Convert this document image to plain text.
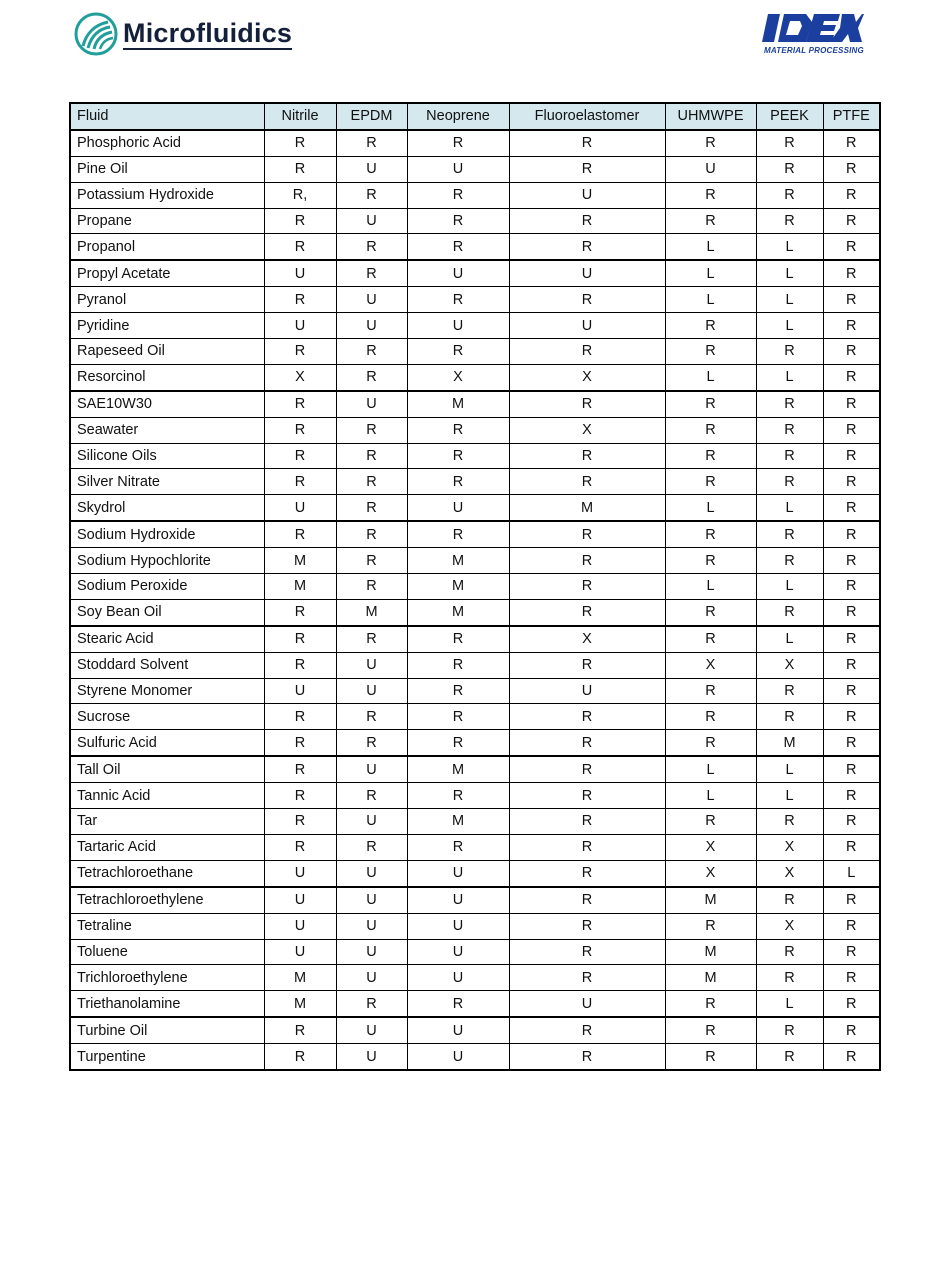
Microfluidics
MATERIAL PROCESSING
Fluid	Nitrile	EPDM	Neoprene	Fluoroelastomer	UHMWPE	PEEK	PTFE
Phosphoric Acid	R	R	R	R	R	R	R
Pine Oil	R	U	U	R	U	R	R
Potassium Hydroxide	R,	R	R	U	R	R	R
Propane	R	U	R	R	R	R	R
Propanol	R	R	R	R	L	L	R
Propyl Acetate	U	R	U	U	L	L	R
Pyranol	R	U	R	R	L	L	R
Pyridine	U	U	U	U	R	L	R
Rapeseed Oil	R	R	R	R	R	R	R
Resorcinol	X	R	X	X	L	L	R
SAE10W30	R	U	M	R	R	R	R
Seawater	R	R	R	X	R	R	R
Silicone Oils	R	R	R	R	R	R	R
Silver Nitrate	R	R	R	R	R	R	R
Skydrol	U	R	U	M	L	L	R
Sodium Hydroxide	R	R	R	R	R	R	R
Sodium Hypochlorite	M	R	M	R	R	R	R
Sodium Peroxide	M	R	M	R	L	L	R
Soy Bean Oil	R	M	M	R	R	R	R
Stearic Acid	R	R	R	X	R	L	R
Stoddard Solvent	R	U	R	R	X	X	R
Styrene Monomer	U	U	R	U	R	R	R
Sucrose	R	R	R	R	R	R	R
Sulfuric Acid	R	R	R	R	R	M	R
Tall Oil	R	U	M	R	L	L	R
Tannic Acid	R	R	R	R	L	L	R
Tar	R	U	M	R	R	R	R
Tartaric Acid	R	R	R	R	X	X	R
Tetrachloroethane	U	U	U	R	X	X	L
Tetrachloroethylene	U	U	U	R	M	R	R
Tetraline	U	U	U	R	R	X	R
Toluene	U	U	U	R	M	R	R
Trichloroethylene	M	U	U	R	M	R	R
Triethanolamine	M	R	R	U	R	L	R
Turbine Oil	R	U	U	R	R	R	R
Turpentine	R	U	U	R	R	R	R
